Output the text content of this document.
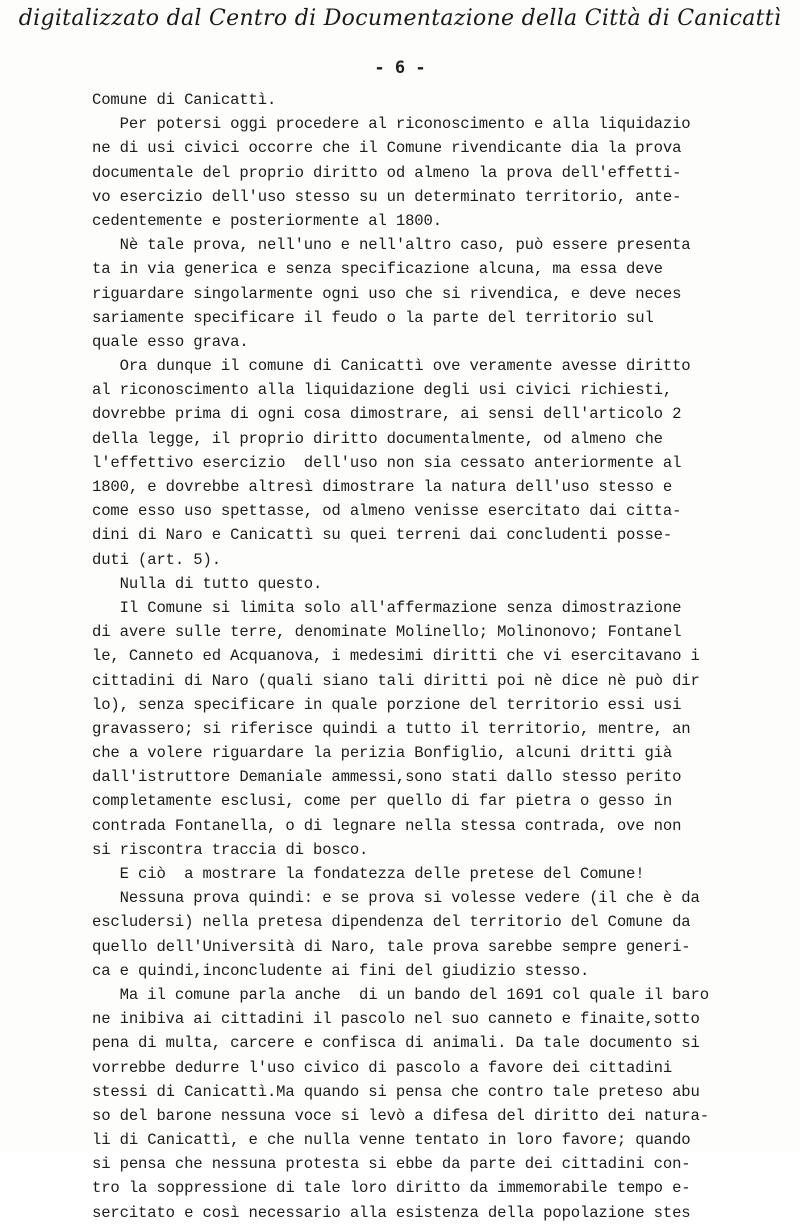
digitalizzato dal Centro di Documentazione della Città di Canicattì
- 6 -
Comune di Canicattì.
Per potersi oggi procedere al riconoscimento e alla liquidazio
ne di usi civici occorre che il Comune rivendicante dia la prova
documentale del proprio diritto od almeno la prova dell'effetti-
vo esercizio dell'uso stesso su un determinato territorio, ante-
cedentemente e posteriormente al 1800.
Nè tale prova, nell'uno e nell'altro caso, può essere presenta
ta in via generica e senza specificazione alcuna, ma essa deve
riguardare singolarmente ogni uso che si rivendica, e deve neces
sariamente specificare il feudo o la parte del territorio sul
quale esso grava.
Ora dunque il comune di Canicattì ove veramente avesse diritto
al riconoscimento alla liquidazione degli usi civici richiesti,
dovrebbe prima di ogni cosa dimostrare, ai sensi dell'articolo 2
della legge, il proprio diritto documentalmente, od almeno che
l'effettivo esercizio  dell'uso non sia cessato anteriormente al
1800, e dovrebbe altresì dimostrare la natura dell'uso stesso e
come esso uso spettasse, od almeno venisse esercitato dai citta-
dini di Naro e Canicattì su quei terreni dai concludenti posse-
duti (art. 5).
Nulla di tutto questo.
Il Comune si limita solo all'affermazione senza dimostrazione
di avere sulle terre, denominate Molinello; Molinonovo; Fontanel
le, Canneto ed Acquanova, i medesimi diritti che vi esercitavano i
cittadini di Naro (quali siano tali diritti poi nè dice nè può dir
lo), senza specificare in quale porzione del territorio essi usi
gravassero; si riferisce quindi a tutto il territorio, mentre, an
che a volere riguardare la perizia Bonfiglio, alcuni dritti già
dall'istruttore Demaniale ammessi,sono stati dallo stesso perito
completamente esclusi, come per quello di far pietra o gesso in
contrada Fontanella, o di legnare nella stessa contrada, ove non
si riscontra traccia di bosco.
E ciò  a mostrare la fondatezza delle pretese del Comune!
Nessuna prova quindi: e se prova si volesse vedere (il che è da
escludersi) nella pretesa dipendenza del territorio del Comune da
quello dell'Università di Naro, tale prova sarebbe sempre generi-
ca e quindi,inconcludente ai fini del giudizio stesso.
Ma il comune parla anche  di un bando del 1691 col quale il baro
ne inibiva ai cittadini il pascolo nel suo canneto e finaite,sotto
pena di multa, carcere e confisca di animali. Da tale documento si
vorrebbe dedurre l'uso civico di pascolo a favore dei cittadini
stessi di Canicattì.Ma quando si pensa che contro tale preteso abu
so del barone nessuna voce si levò a difesa del diritto dei natura-
li di Canicattì, e che nulla venne tentato in loro favore; quando
si pensa che nessuna protesta si ebbe da parte dei cittadini con-
tro la soppressione di tale loro diritto da immemorabile tempo e-
sercitato e così necessario alla esistenza della popolazione stes
